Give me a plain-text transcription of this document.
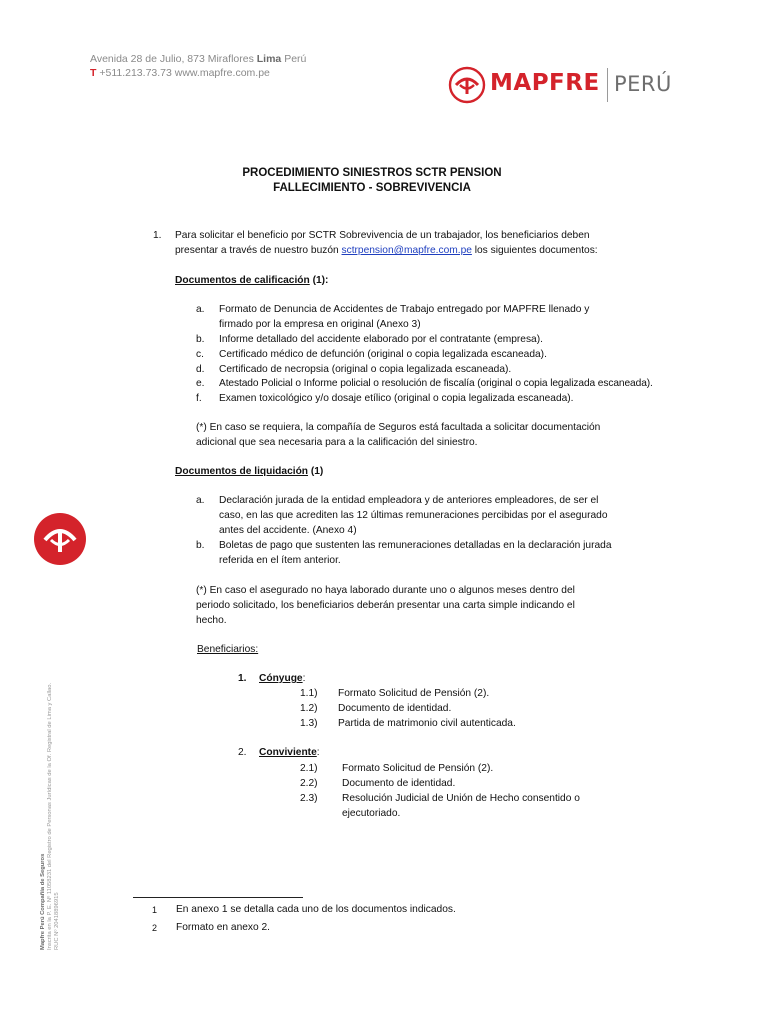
Avenida 28 de Julio, 873 Miraflores Lima Perú
T +511.213.73.73 www.mapfre.com.pe	MAPFRE PERÚ
PROCEDIMIENTO SINIESTROS SCTR PENSION
FALLECIMIENTO - SOBREVIVENCIA
1. Para solicitar el beneficio por SCTR Sobrevivencia de un trabajador, los beneficiarios deben
presentar a través de nuestro buzón sctrpension@mapfre.com.pe los siguientes documentos:
Documentos de calificación (1):
a. Formato de Denuncia de Accidentes de Trabajo entregado por MAPFRE llenado y
firmado por la empresa en original (Anexo 3)
b. Informe detallado del accidente elaborado por el contratante (empresa).
c. Certificado médico de defunción (original o copia legalizada escaneada).
d. Certificado de necropsia (original o copia legalizada escaneada).
e. Atestado Policial o Informe policial o resolución de fiscalía (original o copia legalizada escaneada).
f. Examen toxicológico y/o dosaje etílico (original o copia legalizada escaneada).
(*) En caso se requiera, la compañía de Seguros está facultada a solicitar documentación
adicional que sea necesaria para a la calificación del siniestro.
Documentos de liquidación (1)
a. Declaración jurada de la entidad empleadora y de anteriores empleadores, de ser el
caso, en las que acrediten las 12 últimas remuneraciones percibidas por el asegurado
antes del accidente. (Anexo 4)
b. Boletas de pago que sustenten las remuneraciones detalladas en la declaración jurada
referida en el ítem anterior.
(*) En caso el asegurado no haya laborado durante uno o algunos meses dentro del
periodo solicitado, los beneficiarios deberán presentar una carta simple indicando el
hecho.
Beneficiarios:
1. Cónyuge:
1.1) Formato Solicitud de Pensión (2).
1.2) Documento de identidad.
1.3) Partida de matrimonio civil autenticada.
2. Conviviente:
2.1) Formato Solicitud de Pensión (2).
2.2) Documento de identidad.
2.3) Resolución Judicial de Unión de Hecho consentido o
ejecutoriado.
1 En anexo 1 se detalla cada uno de los documentos indicados.
2 Formato en anexo 2.
Mapfre Perú Compañía de Seguros Inscrita en la P. E. Nº 11058231 del Registro de Personas Jurídicas de la Of. Registral de Lima y Callao. RUC Nº 20418896915
